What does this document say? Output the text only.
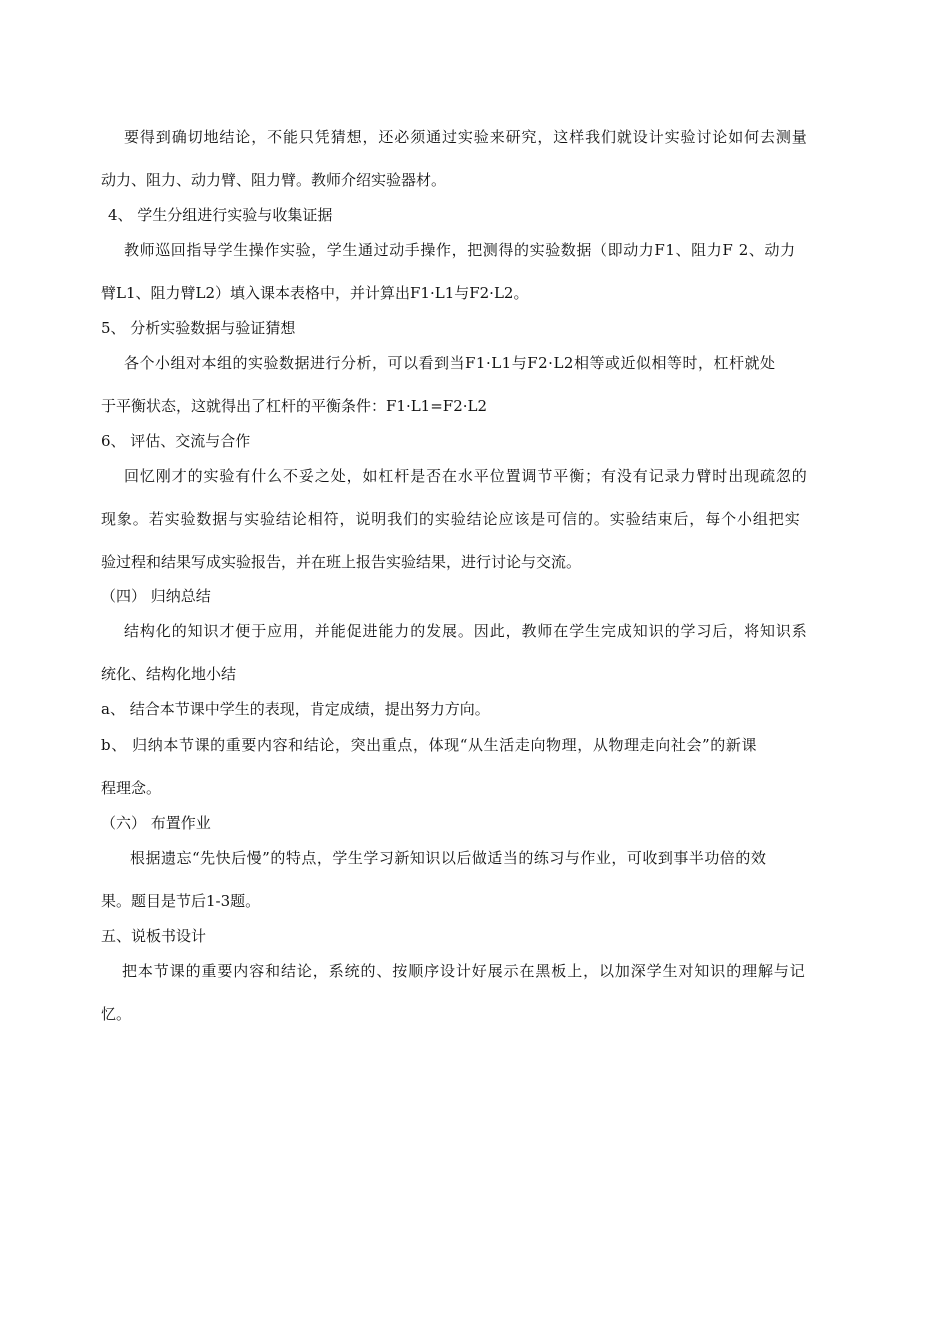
要得到确切地结论，不能只凭猜想，还必须通过实验来研究，这样我们就设计实验讨论如何去测量
动力、阻力、动力臂、阻力臂。教师介绍实验器材。
4、 学生分组进行实验与收集证据
教师巡回指导学生操作实验，学生通过动手操作，把测得的实验数据（即动力F1、阻力F 2、动力
臂L1、阻力臂L2）填入课本表格中，并计算出F1·L1与F2·L2。
5、 分析实验数据与验证猜想
各个小组对本组的实验数据进行分析，可以看到当F1·L1与F2·L2相等或近似相等时，杠杆就处
于平衡状态，这就得出了杠杆的平衡条件：F1·L1=F2·L2
6、 评估、交流与合作
回忆刚才的实验有什么不妥之处，如杠杆是否在水平位置调节平衡；有没有记录力臂时出现疏忽的
现象。若实验数据与实验结论相符，说明我们的实验结论应该是可信的。实验结束后，每个小组把实
验过程和结果写成实验报告，并在班上报告实验结果，进行讨论与交流。
（四） 归纳总结
结构化的知识才便于应用，并能促进能力的发展。因此，教师在学生完成知识的学习后，将知识系
统化、结构化地小结
a、 结合本节课中学生的表现，肯定成绩，提出努力方向。
b、 归纳本节课的重要内容和结论，突出重点，体现“从生活走向物理，从物理走向社会”的新课
程理念。
（六） 布置作业
根据遗忘“先快后慢”的特点，学生学习新知识以后做适当的练习与作业，可收到事半功倍的效
果。题目是节后1-3题。
五、说板书设计
把本节课的重要内容和结论，系统的、按顺序设计好展示在黑板上，以加深学生对知识的理解与记
忆。
